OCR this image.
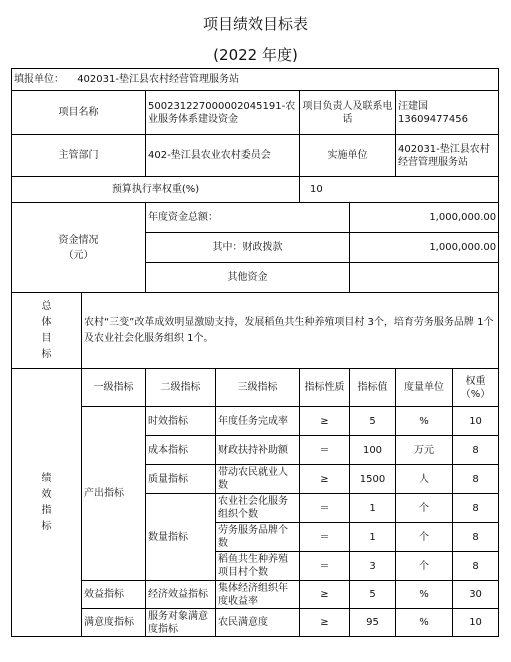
项目绩效目标表
(2022 年度)
填报单位： 402031-垫江县农村经营管理服务站							
项目名称		500231227000002045191-农业服务体系建设资金		项目负责人及联系电话		汪建国 13609477456	
主管部门		402-垫江县农业农村委员会		实施单位		402031-垫江县农村经营管理服务站	
预算执行率权重(%)				10			

资金情况
（元）		年度资金总额：			1,000,000.00		
		其中：财政拨款			1,000,000.00		
		其他资金					

总
体
目
标	农村“三变”改革成效明显激励支持，发展稻鱼共生种养殖项目村 3个，培育劳务服务品牌 1个及农业社会化服务组织 1个。						

绩
效
指
标	一级指标	二级指标	三级指标	指标性质	指标值	度量单位	权重（%）
	产出指标	时效指标	年度任务完成率	≥	5	%	10
		成本指标	财政扶持补助额	＝	100	万元	8
		质量指标	带动农民就业人数	≥	1500	人	8
		数量指标	农业社会化服务组织个数	＝	1	个	8
			劳务服务品牌个数	＝	1	个	8
			稻鱼共生种养殖项目村个数	＝	3	个	8
	效益指标	经济效益指标	集体经济组织年度收益率	≥	5	%	30
	满意度指标	服务对象满意度指标	农民满意度	≥	95	%	10
